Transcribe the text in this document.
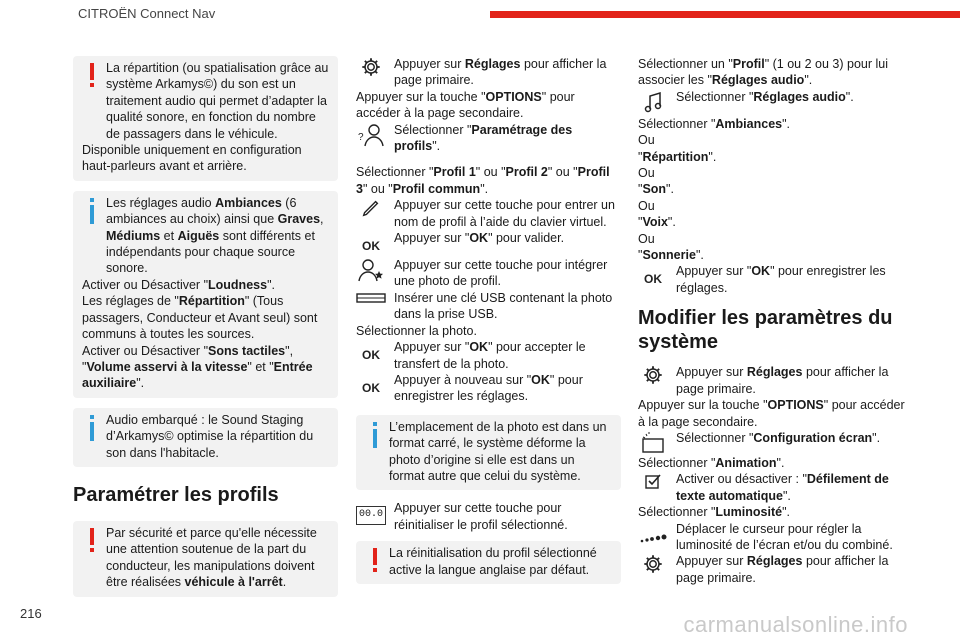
CITROËN Connect Nav

La répartition (ou spatialisation grâce au système Arkamys©) du son est un traitement audio qui permet d’adapter la qualité sonore, en fonction du nombre de passagers dans le véhicule.

Disponible uniquement en configuration haut-parleurs avant et arrière.

Les réglages audio Ambiances (6 ambiances au choix) ainsi que Graves, Médiums et Aiguës sont différents et indépendants pour chaque source sonore.

Activer ou Désactiver "Loudness".

Les réglages de "Répartition" (Tous passagers, Conducteur et Avant seul) sont communs à toutes les sources.

Activer ou Désactiver "Sons tactiles", "Volume asservi à la vitesse" et "Entrée auxiliaire".

Audio embarqué : le Sound Staging d’Arkamys© optimise la répartition du son dans l'habitacle.

Paramétrer les profils

Par sécurité et parce qu'elle nécessite une attention soutenue de la part du conducteur, les manipulations doivent être réalisées véhicule à l'arrêt.

Appuyer sur Réglages pour afficher la page primaire.

Appuyer sur la touche "OPTIONS" pour accéder à la page secondaire.

?
Sélectionner "Paramétrage des profils".

Sélectionner "Profil 1" ou "Profil 2" ou "Profil 3" ou "Profil commun".

Appuyer sur cette touche pour entrer un nom de profil à l’aide du clavier virtuel.
OK
Appuyer sur "OK" pour valider.
Appuyer sur cette touche pour intégrer une photo de profil.
Insérer une clé USB contenant la photo dans la prise USB.

Sélectionner la photo.

OK
Appuyer sur "OK" pour accepter le transfert de la photo.
OK
Appuyer à nouveau sur "OK" pour enregistrer les réglages.

L’emplacement de la photo est dans un format carré, le système déforme la photo d’origine si elle est dans un format autre que celui du système.

00.0 Appuyer sur cette touche pour réinitialiser le profil sélectionné.

La réinitialisation du profil sélectionné active la langue anglaise par défaut.

Sélectionner un "Profil" (1 ou 2 ou 3) pour lui associer les "Réglages audio".

Sélectionner "Réglages audio".

Sélectionner "Ambiances".

Ou

"Répartition".

Ou

"Son".

Ou

"Voix".

Ou

"Sonnerie".

OK
Appuyer sur "OK" pour enregistrer les réglages.
Modifier les paramètres du système
Appuyer sur Réglages pour afficher la page primaire.

Appuyer sur la touche "OPTIONS" pour accéder à la page secondaire.

Sélectionner "Configuration écran".

Sélectionner "Animation".

Activer ou désactiver : "Défilement de texte automatique".

Sélectionner "Luminosité".

Déplacer le curseur pour régler la luminosité de l’écran et/ou du combiné.
Appuyer sur Réglages pour afficher la page primaire.
216	carmanualsonline.info
